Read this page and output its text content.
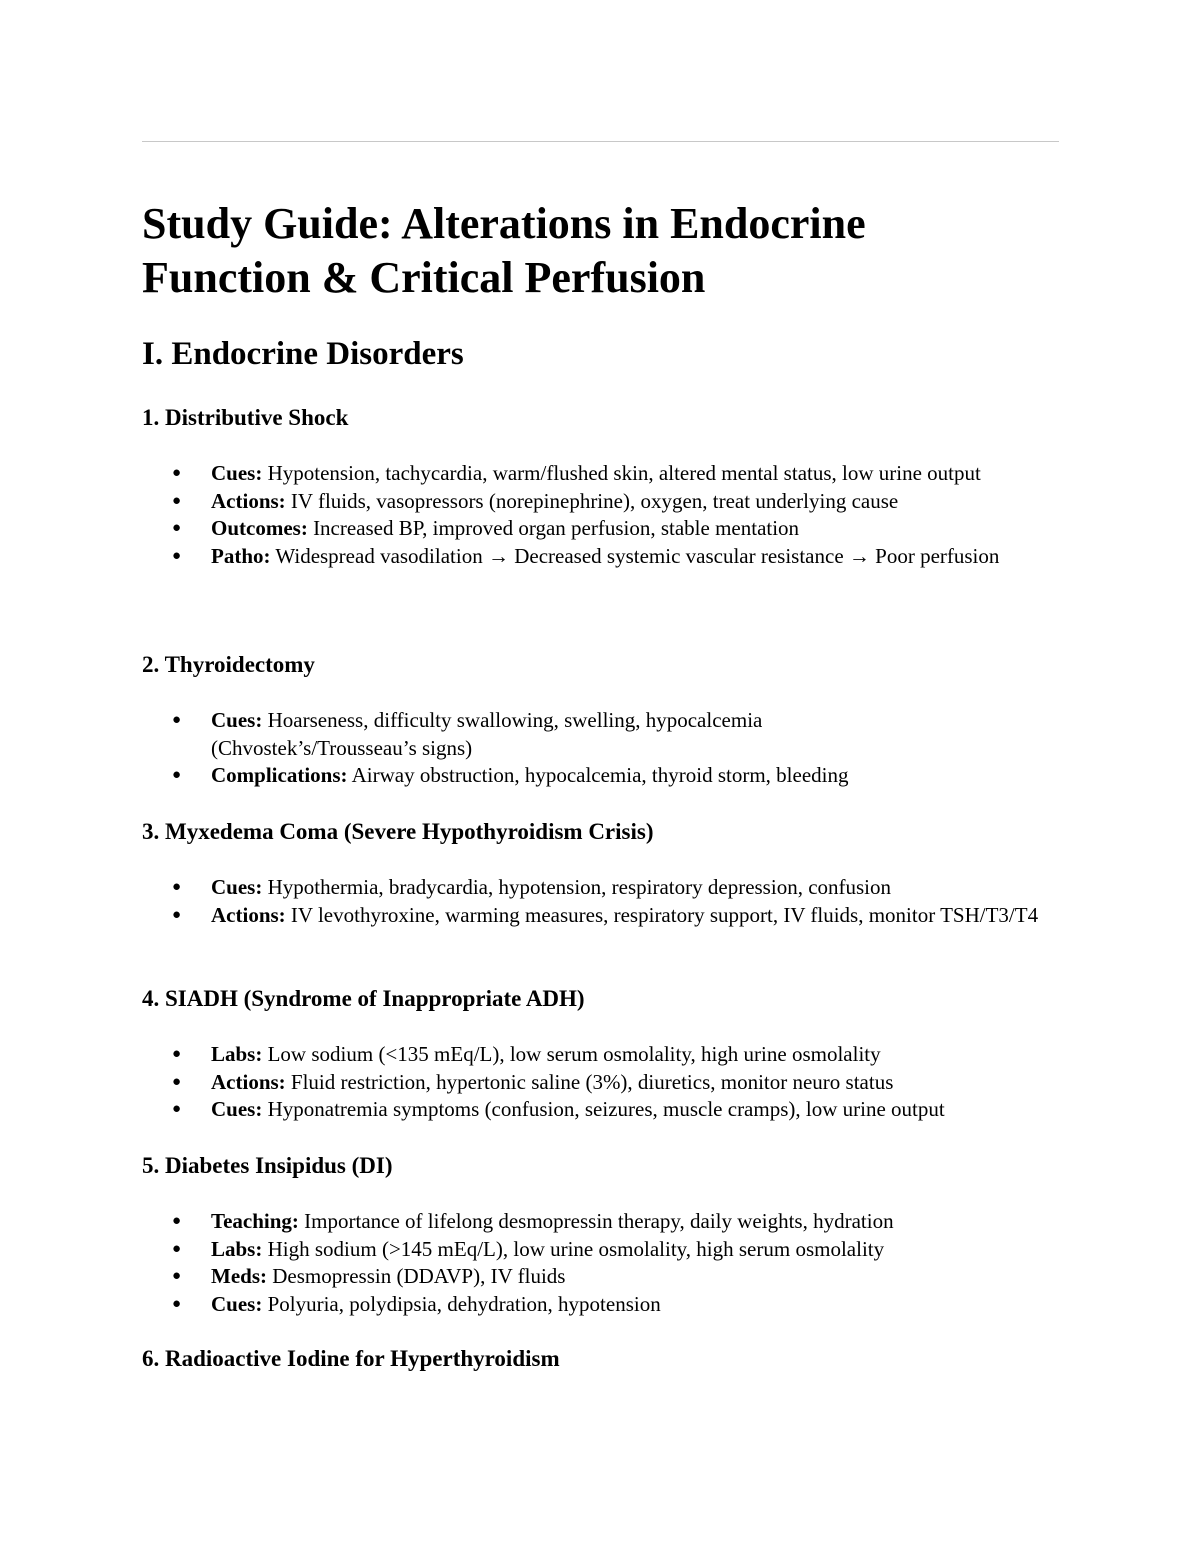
Study Guide: Alterations in Endocrine Function & Critical Perfusion
I. Endocrine Disorders
1. Distributive Shock
● Cues: Hypotension, tachycardia, warm/flushed skin, altered mental status, low urine output
● Actions: IV fluids, vasopressors (norepinephrine), oxygen, treat underlying cause
● Outcomes: Increased BP, improved organ perfusion, stable mentation
● Patho: Widespread vasodilation → Decreased systemic vascular resistance → Poor perfusion
2. Thyroidectomy
● Cues: Hoarseness, difficulty swallowing, swelling, hypocalcemia (Chvostek’s/Trousseau’s signs)
● Complications: Airway obstruction, hypocalcemia, thyroid storm, bleeding
3. Myxedema Coma (Severe Hypothyroidism Crisis)
● Cues: Hypothermia, bradycardia, hypotension, respiratory depression, confusion
● Actions: IV levothyroxine, warming measures, respiratory support, IV fluids, monitor TSH/T3/T4
4. SIADH (Syndrome of Inappropriate ADH)
● Labs: Low sodium (<135 mEq/L), low serum osmolality, high urine osmolality
● Actions: Fluid restriction, hypertonic saline (3%), diuretics, monitor neuro status
● Cues: Hyponatremia symptoms (confusion, seizures, muscle cramps), low urine output
5. Diabetes Insipidus (DI)
● Teaching: Importance of lifelong desmopressin therapy, daily weights, hydration
● Labs: High sodium (>145 mEq/L), low urine osmolality, high serum osmolality
● Meds: Desmopressin (DDAVP), IV fluids
● Cues: Polyuria, polydipsia, dehydration, hypotension
6. Radioactive Iodine for Hyperthyroidism
